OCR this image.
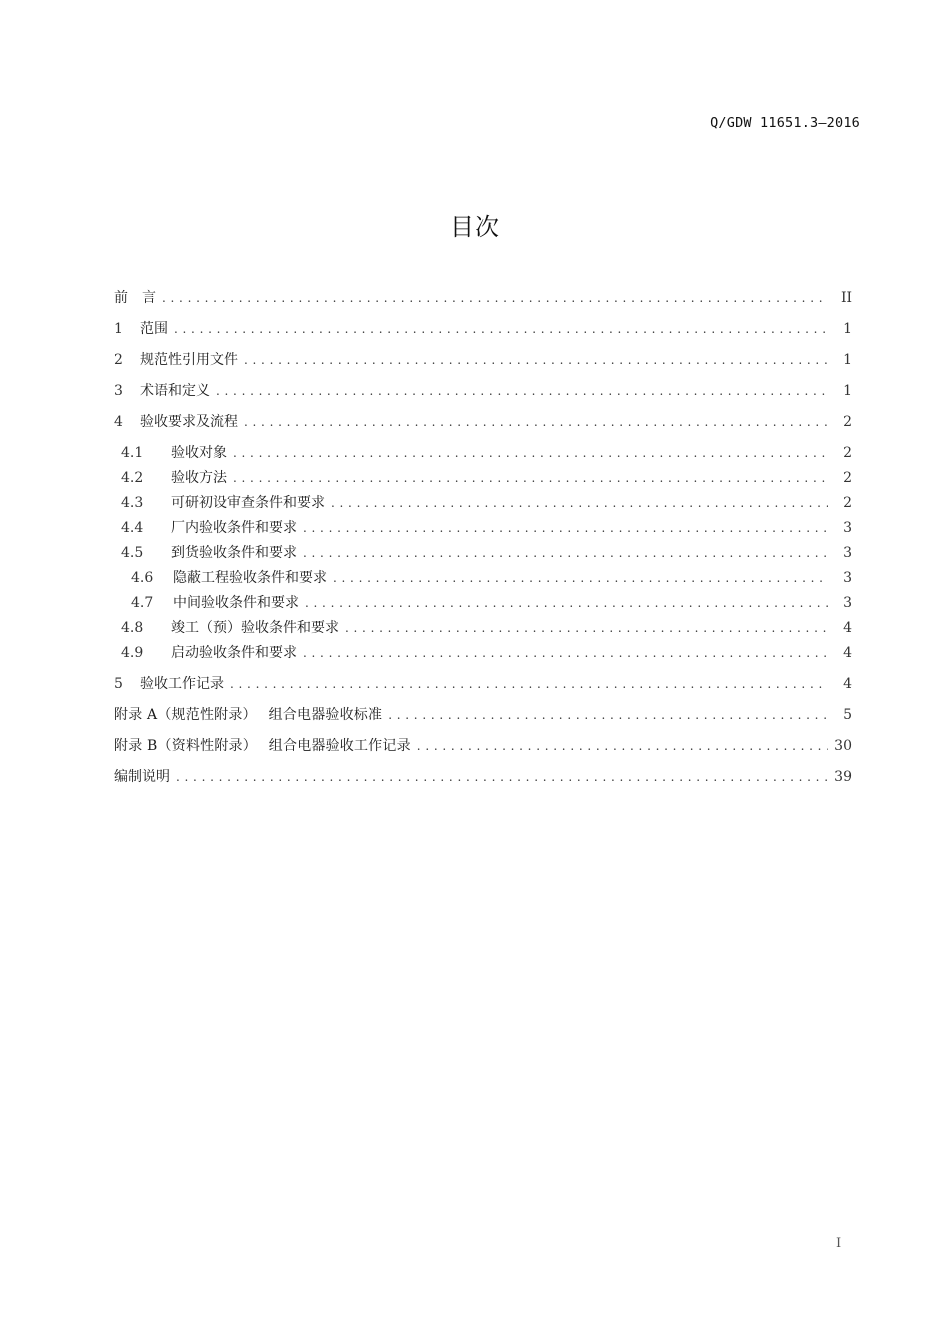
Q/GDW 11651.3—2016
目次
前　言 . . .	II
1	范围 . . .	1
2	规范性引用文件 . . .	1
3	术语和定义 . . .	1
4	验收要求及流程 . . .	2
4.1	验收对象 . . .	2
4.2	验收方法 . . .	2
4.3	可研初设审查条件和要求 . . .	2
4.4	厂内验收条件和要求 . . .	3
4.5	到货验收条件和要求 . . .	3
4.6	隐蔽工程验收条件和要求 . . .	3
4.7	中间验收条件和要求 . . .	3
4.8	竣工（预）验收条件和要求 . . .	4
4.9	启动验收条件和要求 . . .	4
5	验收工作记录 . . .	4
附录 A（规范性附录）　 组合电器验收标准 . . .	5
附录 B（资料性附录）　 组合电器验收工作记录 . . .	30
编制说明 . . .	39
I
